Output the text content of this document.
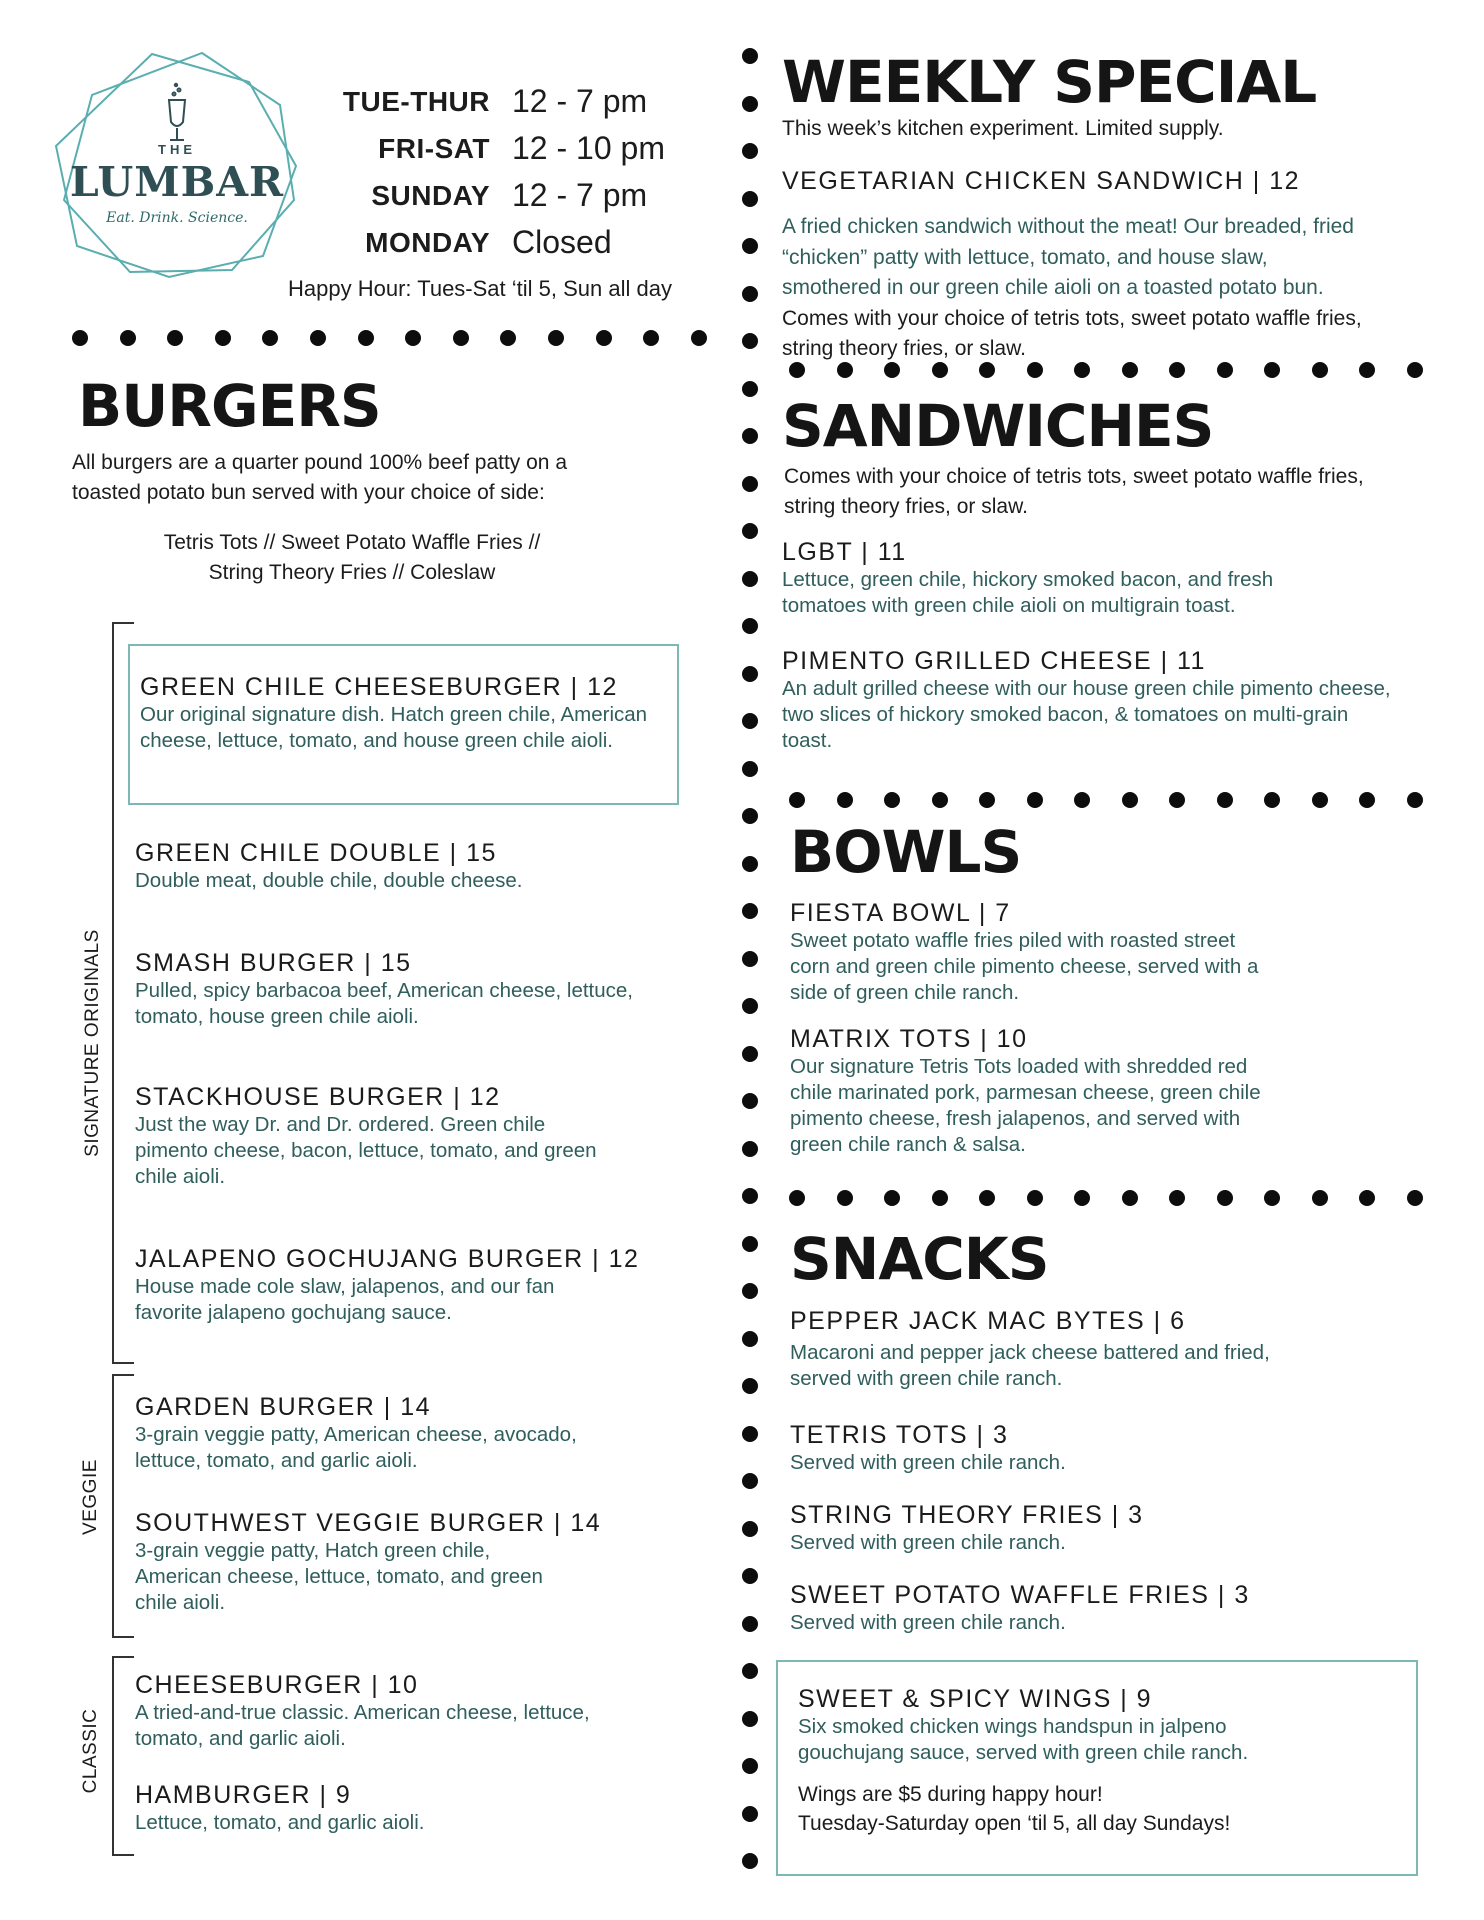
THE
LUMBAR
Eat. Drink. Science.
TUE-THUR 12 - 7 pm
FRI-SAT 12 - 10 pm
SUNDAY 12 - 7 pm
MONDAY Closed
Happy Hour: Tues-Sat ‘til 5, Sun all day
BURGERS
All burgers are a quarter pound 100% beef patty on a toasted potato bun served with your choice of side:
Tetris Tots // Sweet Potato Waffle Fries //
String Theory Fries // Coleslaw
SIGNATURE ORIGINALS
VEGGIE
CLASSIC
GREEN CHILE CHEESEBURGER | 12
Our original signature dish. Hatch green chile, American cheese, lettuce, tomato, and house green chile aioli.
GREEN CHILE DOUBLE | 15
Double meat, double chile, double cheese.
SMASH BURGER | 15
Pulled, spicy barbacoa beef, American cheese, lettuce, tomato, house green chile aioli.
STACKHOUSE BURGER | 12
Just the way Dr. and Dr. ordered. Green chile pimento cheese, bacon, lettuce, tomato, and green chile aioli.
JALAPENO GOCHUJANG BURGER | 12
House made cole slaw, jalapenos, and our fan favorite jalapeno gochujang sauce.
GARDEN BURGER | 14
3-grain veggie patty, American cheese, avocado, lettuce, tomato, and garlic aioli.
SOUTHWEST VEGGIE BURGER | 14
3-grain veggie patty, Hatch green chile, American cheese, lettuce, tomato, and green chile aioli.
CHEESEBURGER | 10
A tried-and-true classic. American cheese, lettuce, tomato, and garlic aioli.
HAMBURGER | 9
Lettuce, tomato, and garlic aioli.
WEEKLY SPECIAL
This week’s kitchen experiment. Limited supply.
VEGETARIAN CHICKEN SANDWICH | 12
A fried chicken sandwich without the meat! Our breaded, fried “chicken” patty with lettuce, tomato, and house slaw, smothered in our green chile aioli on a toasted potato bun. Comes with your choice of tetris tots, sweet potato waffle fries, string theory fries, or slaw.
SANDWICHES
Comes with your choice of tetris tots, sweet potato waffle fries, string theory fries, or slaw.
LGBT | 11
Lettuce, green chile, hickory smoked bacon, and fresh tomatoes with green chile aioli on multigrain toast.
PIMENTO GRILLED CHEESE | 11
An adult grilled cheese with our house green chile pimento cheese, two slices of hickory smoked bacon, & tomatoes on multi-grain toast.
BOWLS
FIESTA BOWL | 7
Sweet potato waffle fries piled with roasted street corn and green chile pimento cheese, served with a side of green chile ranch.
MATRIX TOTS | 10
Our signature Tetris Tots loaded with shredded red chile marinated pork, parmesan cheese, green chile pimento cheese, fresh jalapenos, and served with green chile ranch & salsa.
SNACKS
PEPPER JACK MAC BYTES | 6
Macaroni and pepper jack cheese battered and fried, served with green chile ranch.
TETRIS TOTS | 3
Served with green chile ranch.
STRING THEORY FRIES | 3
Served with green chile ranch.
SWEET POTATO WAFFLE FRIES | 3
Served with green chile ranch.
SWEET & SPICY WINGS | 9
Six smoked chicken wings handspun in jalpeno gouchujang sauce, served with green chile ranch.
Wings are $5 during happy hour!
Tuesday-Saturday open ‘til 5, all day Sundays!
